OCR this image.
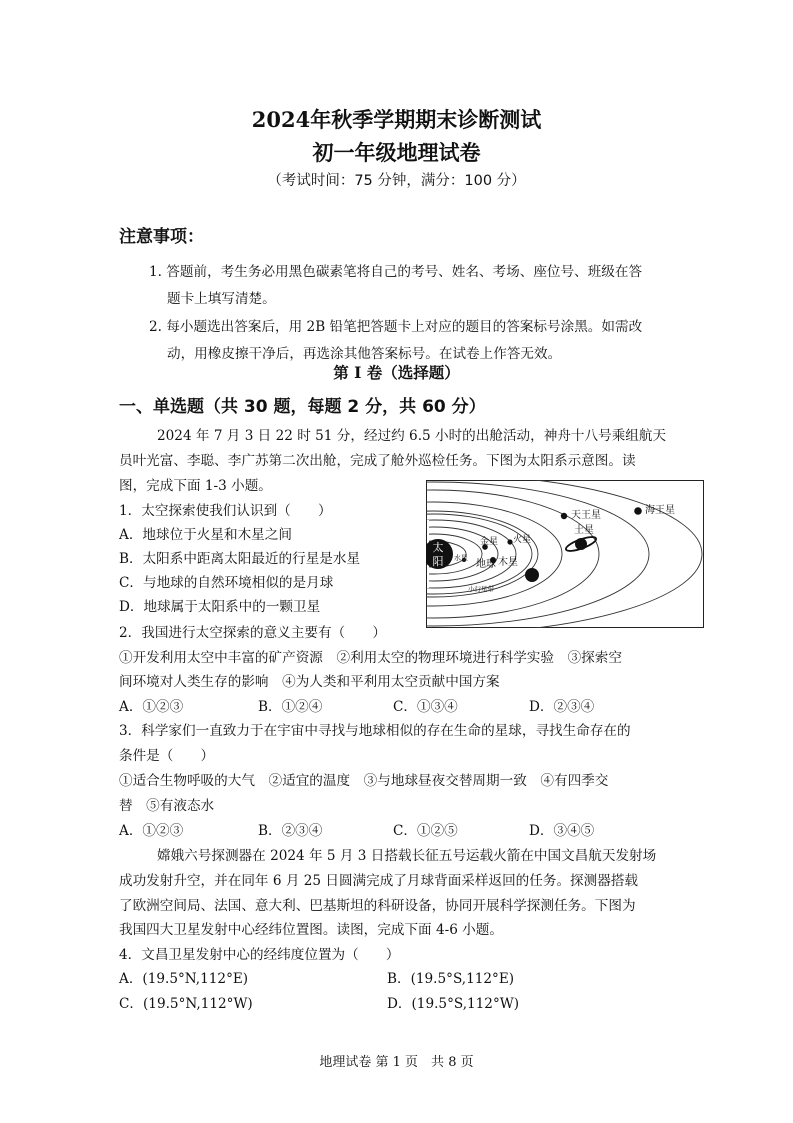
2024年秋季学期期末诊断测试
初一年级地理试卷
（考试时间：75 分钟，满分：100 分）
注意事项：
1. 答题前，考生务必用黑色碳素笔将自己的考号、姓名、考场、座位号、班级在答
题卡上填写清楚。
2. 每小题选出答案后，用 2B 铅笔把答题卡上对应的题目的答案标号涂黑。如需改
动，用橡皮擦干净后，再选涂其他答案标号。在试卷上作答无效。
第 I 卷（选择题）
一、单选题（共 30 题，每题 2 分，共 60 分）
2024 年 7 月 3 日 22 时 51 分，经过约 6.5 小时的出舱活动，神舟十八号乘组航天
员叶光富、李聪、李广苏第二次出舱，完成了舱外巡检任务。下图为太阳系示意图。读
图，完成下面 1-3 小题。
1．太空探索使我们认识到（　　）
A．地球位于火星和木星之间
B．太阳系中距离太阳最近的行星是水星
C．与地球的自然环境相似的是月球
D．地球属于太阳系中的一颗卫星
太
阳 水星
金星
地球
火星
小行星带
木星
土星
天王星	海王星
2．我国进行太空探索的意义主要有（　　）
①开发利用太空中丰富的矿产资源　②利用太空的物理环境进行科学实验　③探索空
间环境对人类生存的影响　④为人类和平利用太空贡献中国方案
A．①②③	B．①②④	C．①③④	D．②③④
3．科学家们一直致力于在宇宙中寻找与地球相似的存在生命的星球，寻找生命存在的
条件是（　　）
①适合生物呼吸的大气　②适宜的温度　③与地球昼夜交替周期一致　④有四季交
替　⑤有液态水
A．①②③	B．②③④	C．①②⑤	D．③④⑤
嫦娥六号探测器在 2024 年 5 月 3 日搭载长征五号运载火箭在中国文昌航天发射场
成功发射升空，并在同年 6 月 25 日圆满完成了月球背面采样返回的任务。探测器搭载
了欧洲空间局、法国、意大利、巴基斯坦的科研设备，协同开展科学探测任务。下图为
我国四大卫星发射中心经纬位置图。读图，完成下面 4-6 小题。
4．文昌卫星发射中心的经纬度位置为（　　）
A．(19.5°N,112°E)	B．(19.5°S,112°E)
C．(19.5°N,112°W)	D．(19.5°S,112°W)
地理试卷 第 1 页　共 8 页
